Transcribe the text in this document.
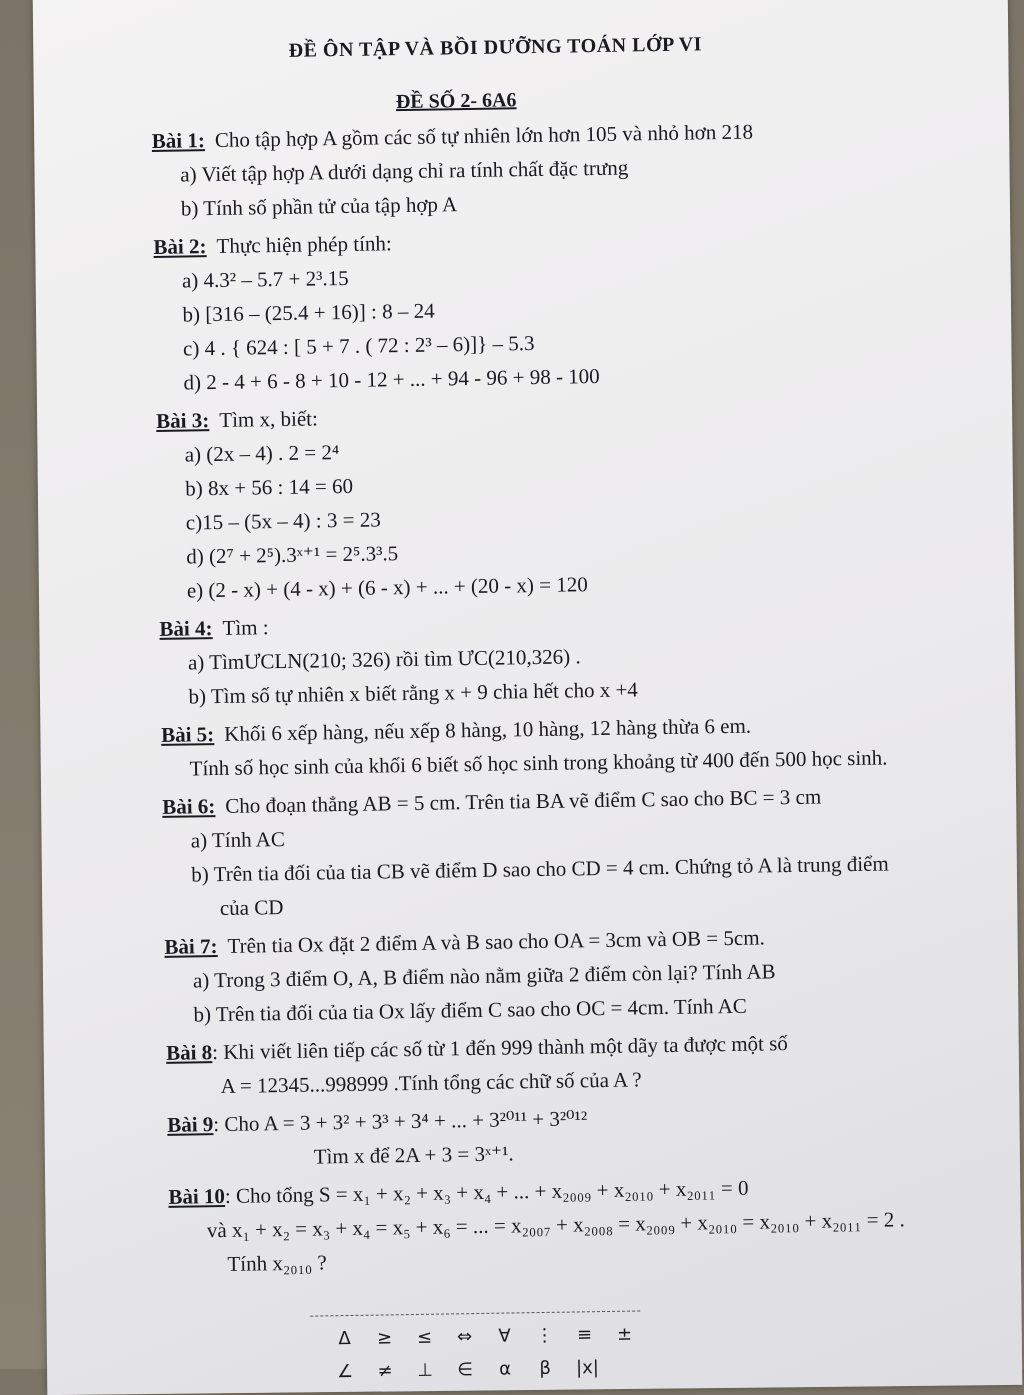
ĐỀ ÔN TẬP VÀ BỒI DƯỠNG TOÁN LỚP VI
ĐỀ SỐ 2- 6A6
Bài 1: Cho tập hợp A gồm các số tự nhiên lớn hơn 105 và nhỏ hơn 218
a) Viết tập hợp A dưới dạng chỉ ra tính chất đặc trưng
b) Tính số phần tử của tập hợp A
Bài 2: Thực hiện phép tính:
a) 4.3² – 5.7 + 2³.15
b) [316 – (25.4 + 16)] : 8 – 24
c) 4 . { 624 : [ 5 + 7 . ( 72 : 2³ – 6)]} – 5.3
d) 2 - 4 + 6 - 8 + 10 - 12 + ... + 94 - 96 + 98 - 100
Bài 3: Tìm x, biết:
a) (2x – 4) . 2 = 2⁴
b) 8x + 56 : 14 = 60
c)15 – (5x – 4) : 3 = 23
d) (2⁷ + 2⁵).3ˣ⁺¹ = 2⁵.3³.5
e) (2 - x) + (4 - x) + (6 - x) + ... + (20 - x) = 120
Bài 4: Tìm :
a) TìmƯCLN(210; 326) rồi tìm ƯC(210,326) .
b) Tìm số tự nhiên x biết rằng x + 9 chia hết cho x +4
Bài 5: Khối 6 xếp hàng, nếu xếp 8 hàng, 10 hàng, 12 hàng thừa 6 em.
Tính số học sinh của khối 6 biết số học sinh trong khoảng từ 400 đến 500 học sinh.
Bài 6: Cho đoạn thẳng AB = 5 cm. Trên tia BA vẽ điểm C sao cho BC = 3 cm
a) Tính AC
b) Trên tia đối của tia CB vẽ điểm D sao cho CD = 4 cm. Chứng tỏ A là trung điểm
của CD
Bài 7: Trên tia Ox đặt 2 điểm A và B sao cho OA = 3cm và OB = 5cm.
a) Trong 3 điểm O, A, B điểm nào nằm giữa 2 điểm còn lại? Tính AB
b) Trên tia đối của tia Ox lấy điểm C sao cho OC = 4cm. Tính AC
Bài 8 : Khi viết liên tiếp các số từ 1 đến 999 thành một dãy ta được một số
A = 12345...998999 .Tính tổng các chữ số của A ?
Bài 9 : Cho A = 3 + 3² + 3³ + 3⁴ + ... + 3²⁰¹¹ + 3²⁰¹²
Tìm x để 2A + 3 = 3ˣ⁺¹.
Bài 10 : Cho tổng S = x₁ + x₂ + x₃ + x₄ + ... + x₂₀₀₉ + x₂₀₁₀ + x₂₀₁₁ = 0
và x₁ + x₂ = x₃ + x₄ = x₅ + x₆ = ... = x₂₀₀₇ + x₂₀₀₈ = x₂₀₀₉ + x₂₀₁₀ = x₂₀₁₀ + x₂₀₁₁ = 2 .
Tính x₂₀₁₀ ?
Δ ≥ ≤ ⇔ ∀ ⋮ ≡ ±
∠ ≠ ⊥ ∈ α β |x|
